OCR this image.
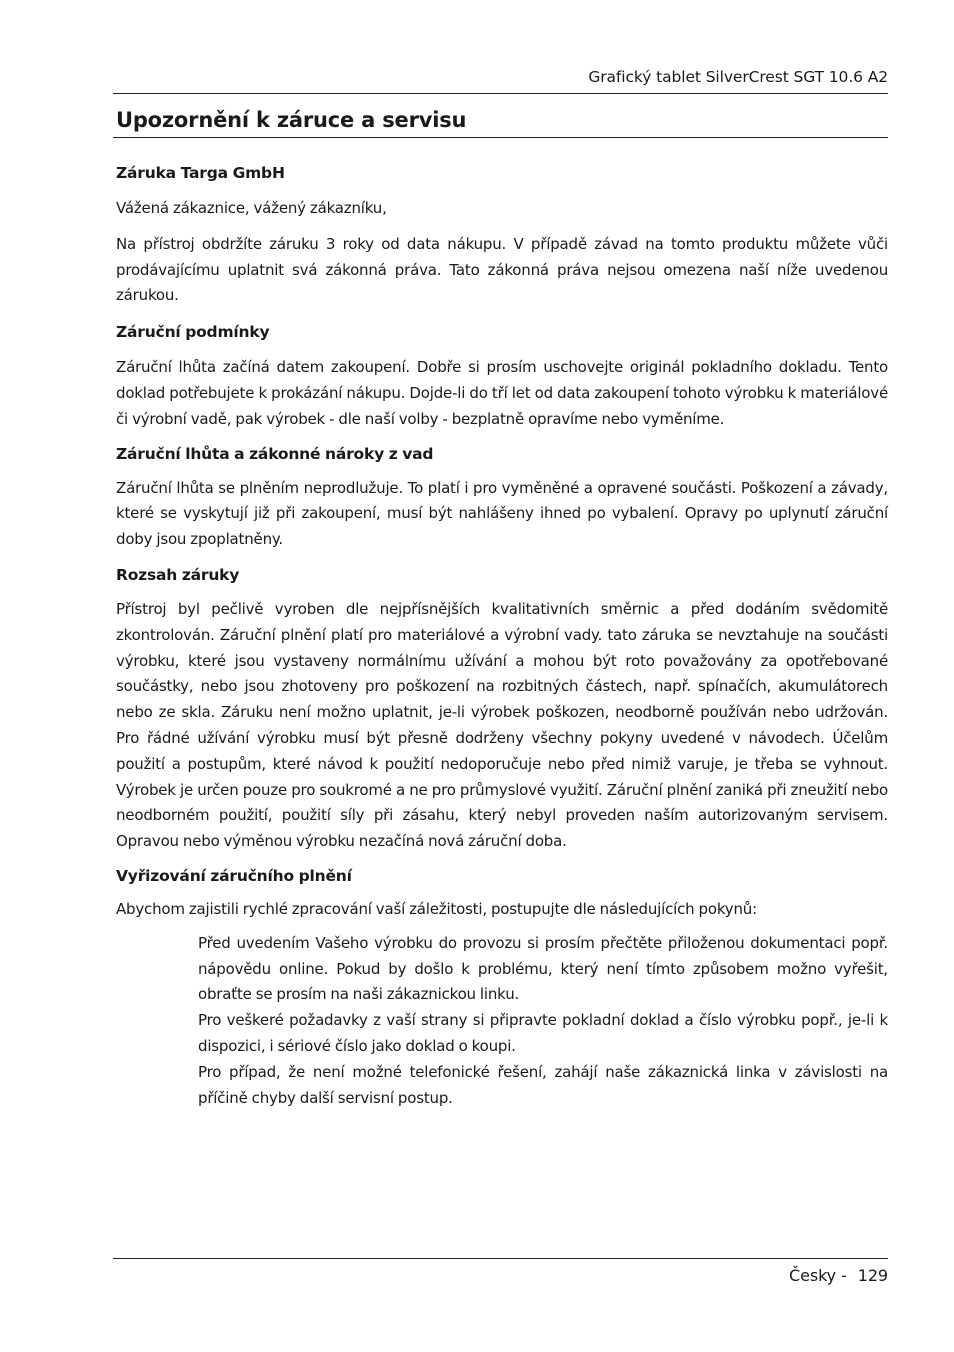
Grafický tablet SilverCrest SGT 10.6 A2
Upozornění k záruce a servisu
Záruka Targa GmbH

Vážená zákaznice, vážený zákazníku,

Na přístroj obdržíte záruku 3 roky od data nákupu. V případě závad na tomto produktu můžete vůči prodávajícímu uplatnit svá zákonná práva. Tato zákonná práva nejsou omezena naší níže uvedenou zárukou.

Záruční podmínky

Záruční lhůta začíná datem zakoupení. Dobře si prosím uschovejte originál pokladního dokladu. Tento doklad potřebujete k prokázání nákupu. Dojde-li do tří let od data zakoupení tohoto výrobku k materiálové či výrobní vadě, pak výrobek - dle naší volby - bezplatně opravíme nebo vyměníme.

Záruční lhůta a zákonné nároky z vad

Záruční lhůta se plněním neprodlužuje. To platí i pro vyměněné a opravené součásti. Poškození a závady, které se vyskytují již při zakoupení, musí být nahlášeny ihned po vybalení. Opravy po uplynutí záruční doby jsou zpoplatněny.

Rozsah záruky

Přístroj byl pečlivě vyroben dle nejpřísnějších kvalitativních směrnic a před dodáním svědomitě zkontrolován. Záruční plnění platí pro materiálové a výrobní vady. tato záruka se nevztahuje na součásti výrobku, které jsou vystaveny normálnímu užívání a mohou být roto považovány za opotřebované součástky, nebo jsou zhotoveny pro poškození na rozbitných částech, např. spínačích, akumulátorech nebo ze skla. Záruku není možno uplatnit, je-li výrobek poškozen, neodborně používán nebo udržován. Pro řádné užívání výrobku musí být přesně dodrženy všechny pokyny uvedené v návodech. Účelům použití a postupům, které návod k použití nedoporučuje nebo před nimiž varuje, je třeba se vyhnout. Výrobek je určen pouze pro soukromé a ne pro průmyslové využití. Záruční plnění zaniká při zneužití nebo neodborném použití, použití síly při zásahu, který nebyl proveden naším autorizovaným servisem. Opravou nebo výměnou výrobku nezačíná nová záruční doba.

Vyřizování záručního plnění

Abychom zajistili rychlé zpracování vaší záležitosti, postupujte dle následujících pokynů:

Před uvedením Vašeho výrobku do provozu si prosím přečtěte přiloženou dokumentaci popř. nápovědu online. Pokud by došlo k problému, který není tímto způsobem možno vyřešit, obraťte se prosím na naši zákaznickou linku.
Pro veškeré požadavky z vaší strany si připravte pokladní doklad a číslo výrobku popř., je-li k dispozici, i sériové číslo jako doklad o koupi.
Pro případ, že není možné telefonické řešení, zahájí naše zákaznická linka v závislosti na příčině chyby další servisní postup.
Česky - 129
